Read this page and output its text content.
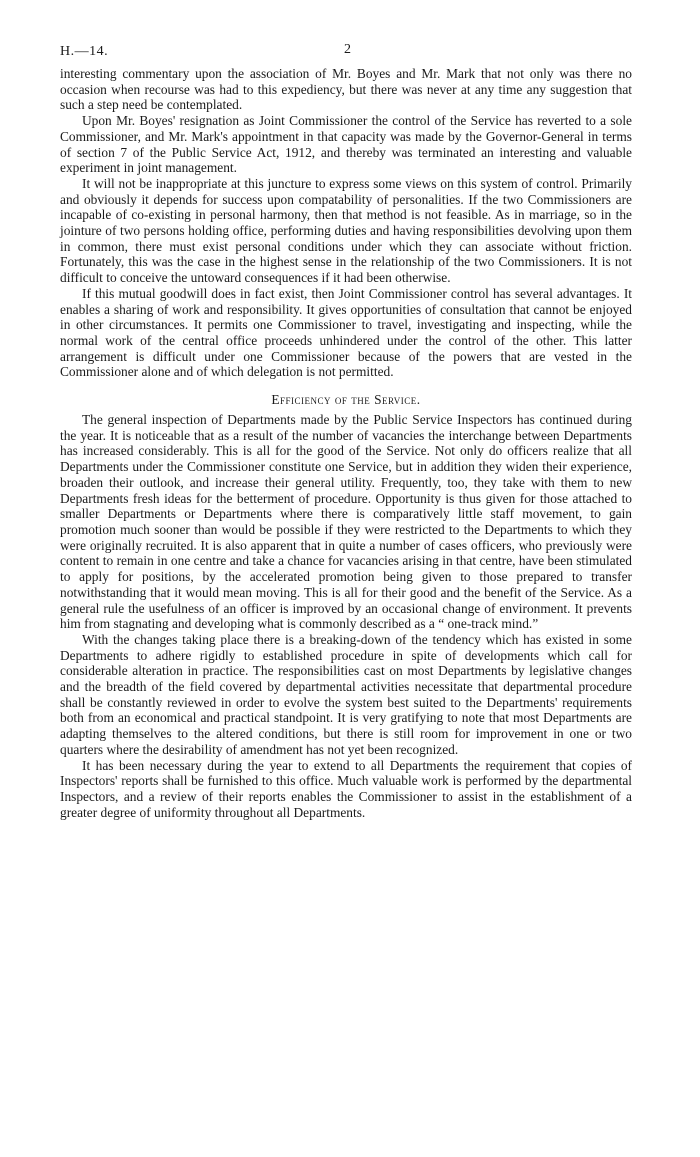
H.—14.	2

interesting commentary upon the association of Mr. Boyes and Mr. Mark that not only was there no occasion when recourse was had to this expediency, but there was never at any time any suggestion that such a step need be contemplated.

Upon Mr. Boyes' resignation as Joint Commissioner the control of the Service has reverted to a sole Commissioner, and Mr. Mark's appointment in that capacity was made by the Governor-General in terms of section 7 of the Public Service Act, 1912, and thereby was terminated an interesting and valuable experiment in joint management.

It will not be inappropriate at this juncture to express some views on this system of control. Primarily and obviously it depends for success upon compatability of personalities. If the two Commissioners are incapable of co-existing in personal harmony, then that method is not feasible. As in marriage, so in the jointure of two persons holding office, performing duties and having responsibilities devolving upon them in common, there must exist personal conditions under which they can associate without friction. Fortunately, this was the case in the highest sense in the relationship of the two Commissioners. It is not difficult to conceive the untoward consequences if it had been otherwise.

If this mutual goodwill does in fact exist, then Joint Commissioner control has several advantages. It enables a sharing of work and responsibility. It gives opportunities of consultation that cannot be enjoyed in other circumstances. It permits one Commissioner to travel, investigating and inspecting, while the normal work of the central office proceeds unhindered under the control of the other. This latter arrangement is difficult under one Commissioner because of the powers that are vested in the Commissioner alone and of which delegation is not permitted.

Efficiency of the Service.

The general inspection of Departments made by the Public Service Inspectors has continued during the year. It is noticeable that as a result of the number of vacancies the interchange between Departments has increased considerably. This is all for the good of the Service. Not only do officers realize that all Departments under the Commissioner constitute one Service, but in addition they widen their experience, broaden their outlook, and increase their general utility. Frequently, too, they take with them to new Departments fresh ideas for the betterment of procedure. Opportunity is thus given for those attached to smaller Departments or Departments where there is comparatively little staff movement, to gain promotion much sooner than would be possible if they were restricted to the Departments to which they were originally recruited. It is also apparent that in quite a number of cases officers, who previously were content to remain in one centre and take a chance for vacancies arising in that centre, have been stimulated to apply for positions, by the accelerated promotion being given to those prepared to transfer notwithstanding that it would mean moving. This is all for their good and the benefit of the Service. As a general rule the usefulness of an officer is improved by an occasional change of environment. It prevents him from stagnating and developing what is commonly described as a “ one-track mind.”

With the changes taking place there is a breaking-down of the tendency which has existed in some Departments to adhere rigidly to established procedure in spite of developments which call for considerable alteration in practice. The responsibilities cast on most Departments by legislative changes and the breadth of the field covered by departmental activities necessitate that departmental procedure shall be constantly reviewed in order to evolve the system best suited to the Departments' requirements both from an economical and practical standpoint. It is very gratifying to note that most Departments are adapting themselves to the altered conditions, but there is still room for improvement in one or two quarters where the desirability of amendment has not yet been recognized.

It has been necessary during the year to extend to all Departments the requirement that copies of Inspectors' reports shall be furnished to this office. Much valuable work is performed by the departmental Inspectors, and a review of their reports enables the Commissioner to assist in the establishment of a greater degree of uniformity throughout all Departments.
